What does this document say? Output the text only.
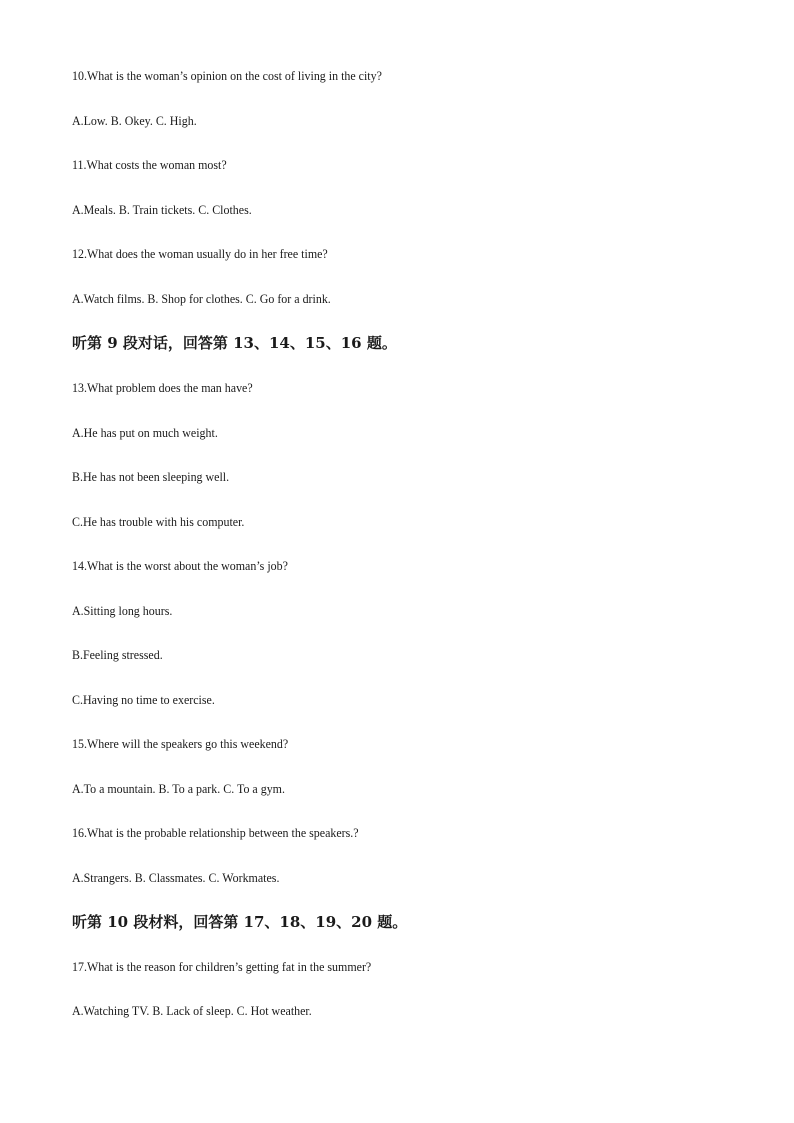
10.What is the woman’s opinion on the cost of living in the city?
A.Low. B. Okey. C. High.
11.What costs the woman most?
A.Meals. B. Train tickets. C. Clothes.
12.What does the woman usually do in her free time?
A.Watch films. B. Shop for clothes. C. Go for a drink.
听第 9 段对话，回答第 13、14、15、16 题。
13.What problem does the man have?
A.He has put on much weight.
B.He has not been sleeping well.
C.He has trouble with his computer.
14.What is the worst about the woman’s job?
A.Sitting long hours.
B.Feeling stressed.
C.Having no time to exercise.
15.Where will the speakers go this weekend?
A.To a mountain. B. To a park. C. To a gym.
16.What is the probable relationship between the speakers.?
A.Strangers. B. Classmates. C. Workmates.
听第 10 段材料，回答第 17、18、19、20 题。
17.What is the reason for children’s getting fat in the summer?
A.Watching TV. B. Lack of sleep. C. Hot weather.
